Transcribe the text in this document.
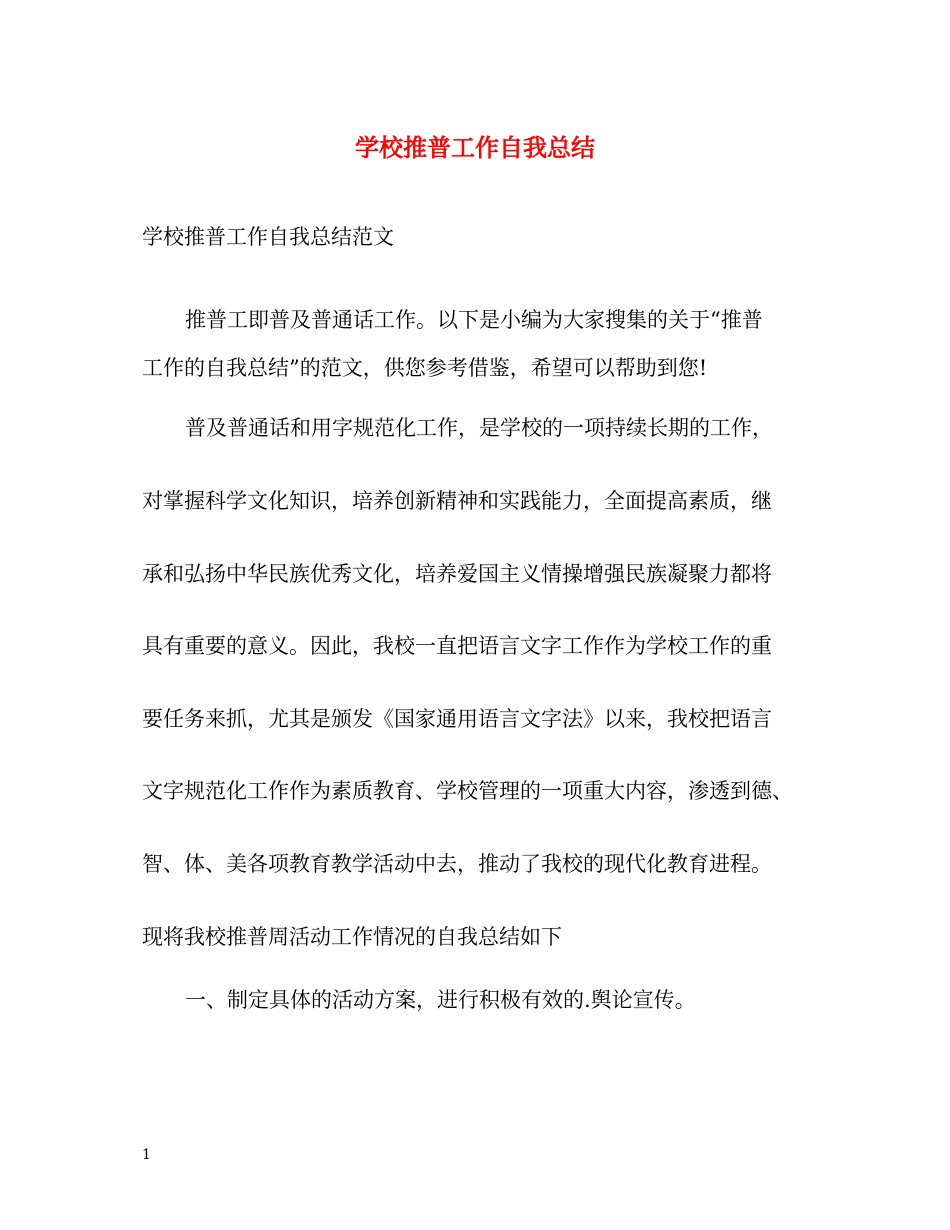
学校推普工作自我总结
学校推普工作自我总结范文
推普工即普及普通话工作。以下是小编为大家搜集的关于“推普
工作的自我总结”的范文，供您参考借鉴，希望可以帮助到您!
普及普通话和用字规范化工作，是学校的一项持续长期的工作，
对掌握科学文化知识，培养创新精神和实践能力，全面提高素质，继
承和弘扬中华民族优秀文化，培养爱国主义情操增强民族凝聚力都将
具有重要的意义。因此，我校一直把语言文字工作作为学校工作的重
要任务来抓，尤其是颁发《国家通用语言文字法》以来，我校把语言
文字规范化工作作为素质教育、学校管理的一项重大内容，渗透到德、
智、体、美各项教育教学活动中去，推动了我校的现代化教育进程。
现将我校推普周活动工作情况的自我总结如下
一、制定具体的活动方案，进行积极有效的.舆论宣传。
1
